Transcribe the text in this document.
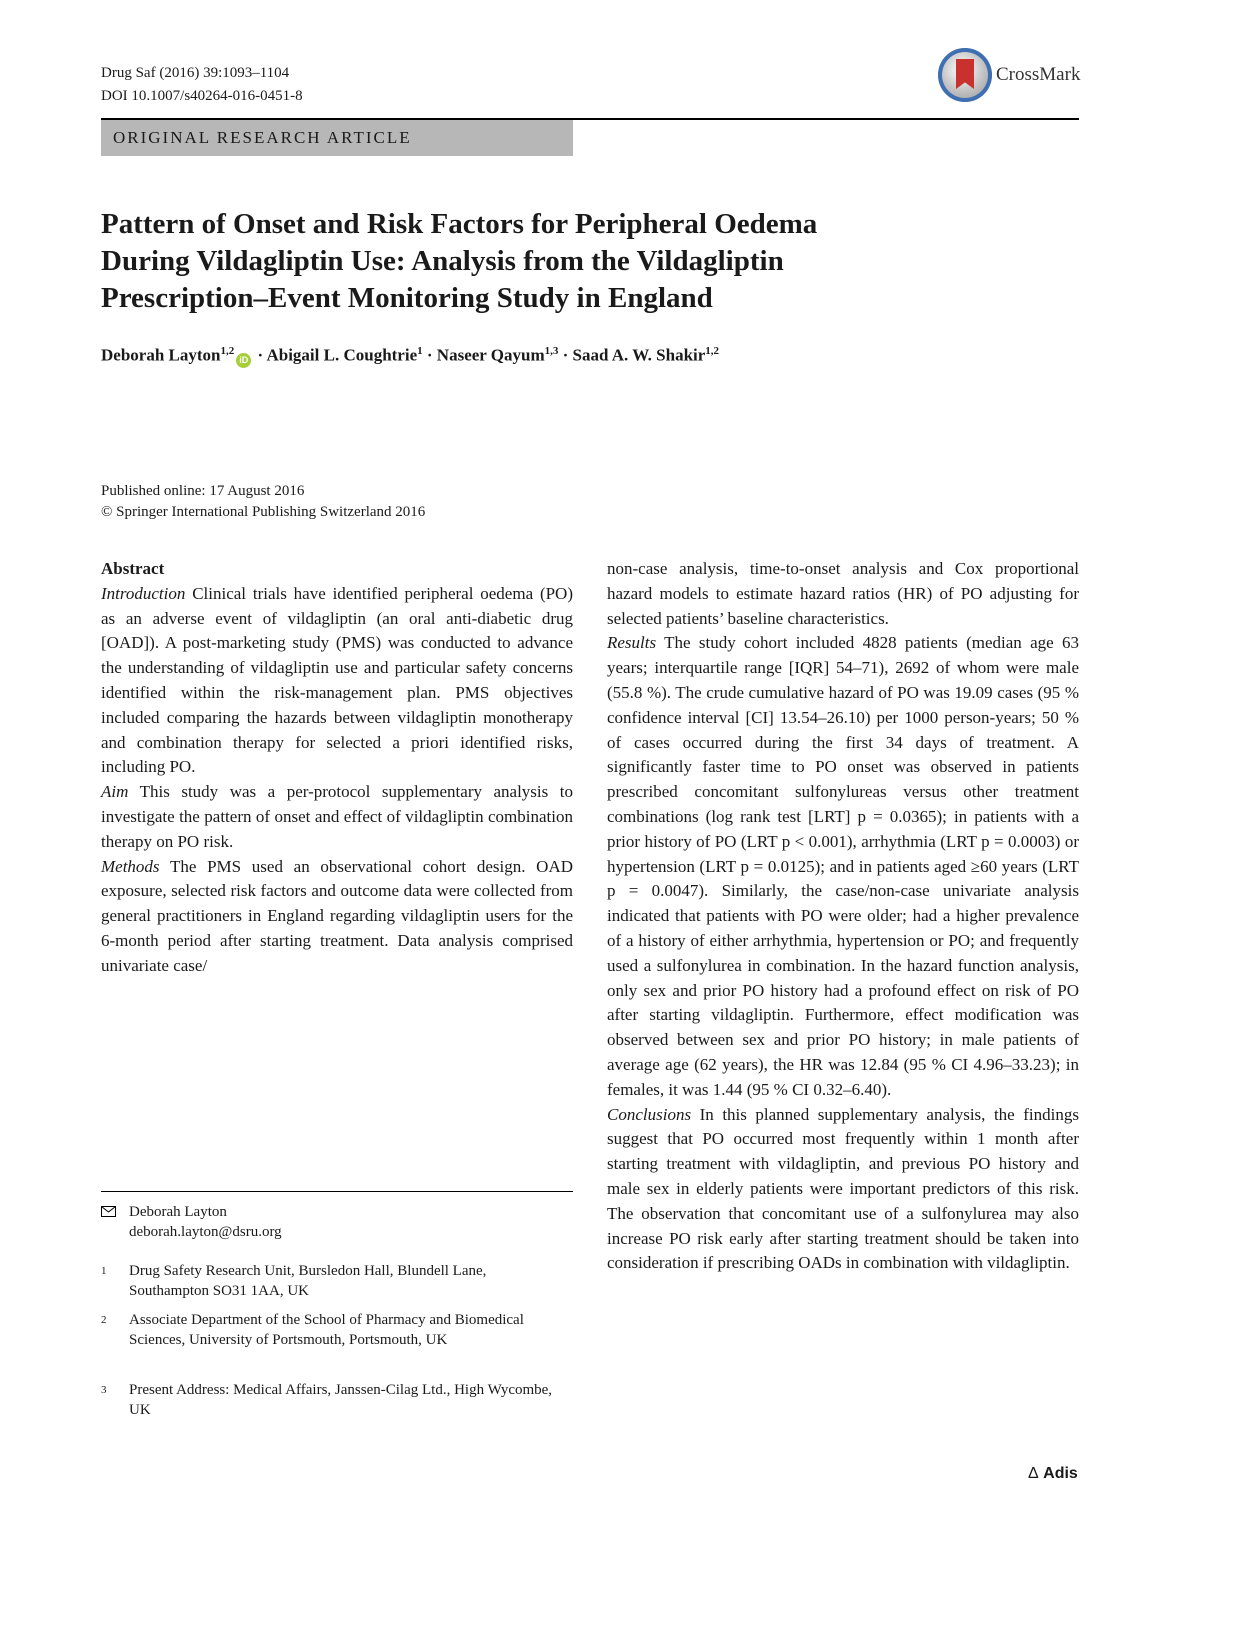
Drug Saf (2016) 39:1093–1104
DOI 10.1007/s40264-016-0451-8
CrossMark
ORIGINAL RESEARCH ARTICLE
Pattern of Onset and Risk Factors for Peripheral Oedema
During Vildagliptin Use: Analysis from the Vildagliptin
Prescription–Event Monitoring Study in England
Deborah Layton$^{1,2}$iD · Abigail L. Coughtrie$^1$ · Naseer Qayum$^{1,3}$ · Saad A. W. Shakir$^{1,2}$
Published online: 17 August 2016
© Springer International Publishing Switzerland 2016

Abstract

Introduction Clinical trials have identified peripheral oedema (PO) as an adverse event of vildagliptin (an oral anti-diabetic drug [OAD]). A post-marketing study (PMS) was conducted to advance the understanding of vildagliptin use and particular safety concerns identified within the risk-management plan. PMS objectives included comparing the hazards between vildagliptin monotherapy and combination therapy for selected a priori identified risks, including PO.

Aim This study was a per-protocol supplementary analysis to investigate the pattern of onset and effect of vildagliptin combination therapy on PO risk.

Methods The PMS used an observational cohort design. OAD exposure, selected risk factors and outcome data were collected from general practitioners in England regarding vildagliptin users for the 6-month period after starting treatment. Data analysis comprised univariate case/

Deborah Layton
deborah.layton@dsru.org
1 Drug Safety Research Unit, Bursledon Hall, Blundell Lane, Southampton SO31 1AA, UK
2 Associate Department of the School of Pharmacy and Biomedical Sciences, University of Portsmouth, Portsmouth, UK
3 Present Address: Medical Affairs, Janssen-Cilag Ltd., High Wycombe, UK

non-case analysis, time-to-onset analysis and Cox proportional hazard models to estimate hazard ratios (HR) of PO adjusting for selected patients’ baseline characteristics.

Results The study cohort included 4828 patients (median age 63 years; interquartile range [IQR] 54–71), 2692 of whom were male (55.8 %). The crude cumulative hazard of PO was 19.09 cases (95 % confidence interval [CI] 13.54–26.10) per 1000 person-years; 50 % of cases occurred during the first 34 days of treatment. A significantly faster time to PO onset was observed in patients prescribed concomitant sulfonylureas versus other treatment combinations (log rank test [LRT] p = 0.0365); in patients with a prior history of PO (LRT p < 0.001), arrhythmia (LRT p = 0.0003) or hypertension (LRT p = 0.0125); and in patients aged ≥60 years (LRT p = 0.0047). Similarly, the case/non-case univariate analysis indicated that patients with PO were older; had a higher prevalence of a history of either arrhythmia, hypertension or PO; and frequently used a sulfonylurea in combination. In the hazard function analysis, only sex and prior PO history had a profound effect on risk of PO after starting vildagliptin. Furthermore, effect modification was observed between sex and prior PO history; in male patients of average age (62 years), the HR was 12.84 (95 % CI 4.96–33.23); in females, it was 1.44 (95 % CI 0.32–6.40).

Conclusions In this planned supplementary analysis, the findings suggest that PO occurred most frequently within 1 month after starting treatment with vildagliptin, and previous PO history and male sex in elderly patients were important predictors of this risk. The observation that concomitant use of a sulfonylurea may also increase PO risk early after starting treatment should be taken into consideration if prescribing OADs in combination with vildagliptin.

Δ Adis
